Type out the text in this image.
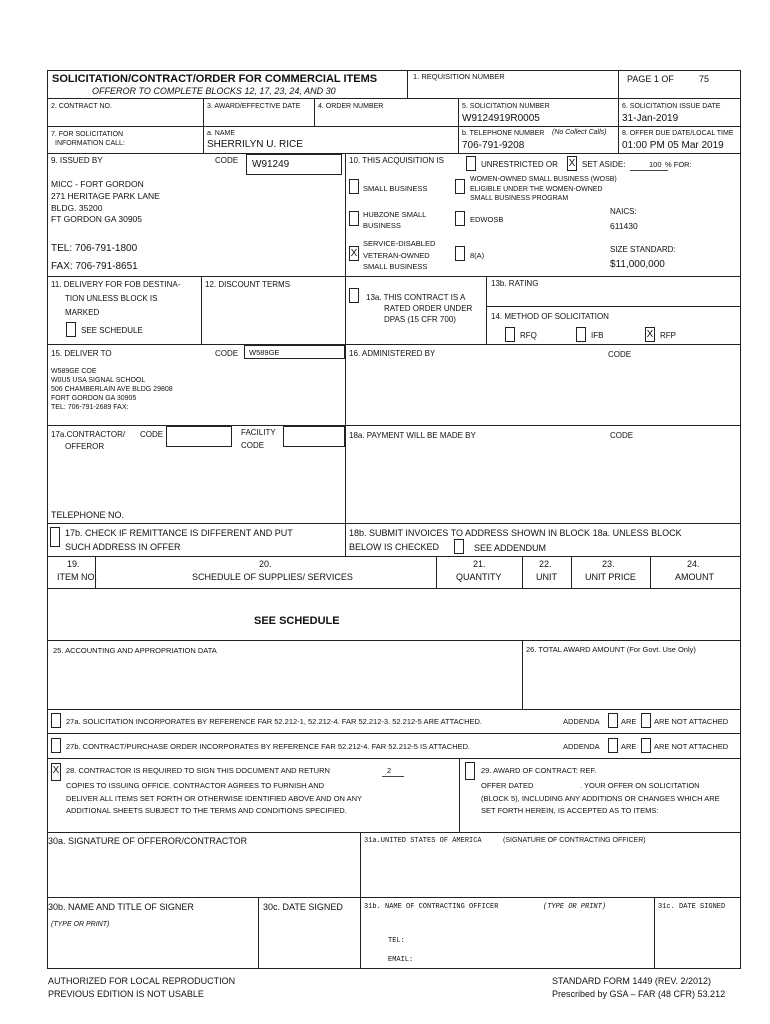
SOLICITATION/CONTRACT/ORDER FOR COMMERCIAL ITEMS
OFFEROR TO COMPLETE BLOCKS 12, 17, 23, 24, AND 30
1. REQUISITION NUMBER	PAGE 1 OF	75
2. CONTRACT NO.	3. AWARD/EFFECTIVE DATE	4. ORDER NUMBER	5. SOLICITATION NUMBER
W9124919R0005
6. SOLICITATION ISSUE DATE
31-Jan-2019
7. FOR SOLICITATION
INFORMATION CALL:
a. NAME
SHERRILYN U. RICE
b. TELEPHONE NUMBER (No Collect Calls)
706-791-9208
8. OFFER DUE DATE/LOCAL TIME
01:00 PM 05 Mar 2019
9. ISSUED BY	CODE W91249
MICC - FORT GORDON
271 HERITAGE PARK LANE
BLDG. 35200
FT GORDON GA 30905
TEL: 706-791-1800
FAX: 706-791-8651
10. THIS ACQUISITION IS	UNRESTRICTED OR X SET ASIDE:	100 % FOR:
SMALL BUSINESS
WOMEN-OWNED SMALL BUSINESS (WOSB)
ELIGIBLE UNDER THE WOMEN-OWNED
SMALL BUSINESS PROGRAM
HUBZONE SMALL
BUSINESS
EDWOSB
NAICS:
611430
SERVICE-DISABLED
X VETERAN-OWNED
SMALL BUSINESS
8(A)
SIZE STANDARD:
$11,000,000
11. DELIVERY FOR FOB DESTINA-
TION UNLESS BLOCK IS
MARKED
SEE SCHEDULE
12. DISCOUNT TERMS
13a. THIS CONTRACT IS A
RATED ORDER UNDER
DPAS (15 CFR 700)
13b. RATING
14. METHOD OF SOLICITATION
RFQ	IFB	X RFP
15. DELIVER TO	CODE W589GE
W589GE COE
W0U5 USA SIGNAL SCHOOL
506 CHAMBERLAIN AVE BLDG 29808
FORT GORDON GA 30905
TEL: 706-791-2689 FAX:
16. ADMINISTERED BY	CODE
17a.CONTRACTOR/
OFFEROR
CODE	FACILITY
CODE
18a. PAYMENT WILL BE MADE BY	CODE
TELEPHONE NO.
17b. CHECK IF REMITTANCE IS DIFFERENT AND PUT
SUCH ADDRESS IN OFFER
18b. SUBMIT INVOICES TO ADDRESS SHOWN IN BLOCK 18a. UNLESS BLOCK
BELOW IS CHECKED	SEE ADDENDUM
19.
ITEM NO.
20.
SCHEDULE OF SUPPLIES/ SERVICES
21.
QUANTITY
22.
UNIT
23.
UNIT PRICE
24.
AMOUNT
SEE SCHEDULE
25. ACCOUNTING AND APPROPRIATION DATA	26. TOTAL AWARD AMOUNT (For Govt. Use Only)
27a. SOLICITATION INCORPORATES BY REFERENCE FAR 52.212-1, 52.212-4. FAR 52.212-3. 52.212-5 ARE ATTACHED.	ADDENDA	ARE ARE NOT ATTACHED
27b. CONTRACT/PURCHASE ORDER INCORPORATES BY REFERENCE FAR 52.212-4. FAR 52.212-5 IS ATTACHED.	ADDENDA	ARE ARE NOT ATTACHED
X 28. CONTRACTOR IS REQUIRED TO SIGN THIS DOCUMENT AND RETURN	2
COPIES TO ISSUING OFFICE. CONTRACTOR AGREES TO FURNISH AND
DELIVER ALL ITEMS SET FORTH OR OTHERWISE IDENTIFIED ABOVE AND ON ANY
ADDITIONAL SHEETS SUBJECT TO THE TERMS AND CONDITIONS SPECIFIED.
29. AWARD OF CONTRACT: REF.
OFFER DATED	. YOUR OFFER ON SOLICITATION
(BLOCK 5), INCLUDING ANY ADDITIONS OR CHANGES WHICH ARE
SET FORTH HEREIN, IS ACCEPTED AS TO ITEMS:
30a. SIGNATURE OF OFFEROR/CONTRACTOR	31a.UNITED STATES OF AMERICA	(SIGNATURE OF CONTRACTING OFFICER)
30b. NAME AND TITLE OF SIGNER
(TYPE OR PRINT)
30c. DATE SIGNED	31b. NAME OF CONTRACTING OFFICER	(TYPE OR PRINT)	31c. DATE SIGNED
TEL:
EMAIL:
AUTHORIZED FOR LOCAL REPRODUCTION
PREVIOUS EDITION IS NOT USABLE
STANDARD FORM 1449 (REV. 2/2012)
Prescribed by GSA – FAR (48 CFR) 53.212
